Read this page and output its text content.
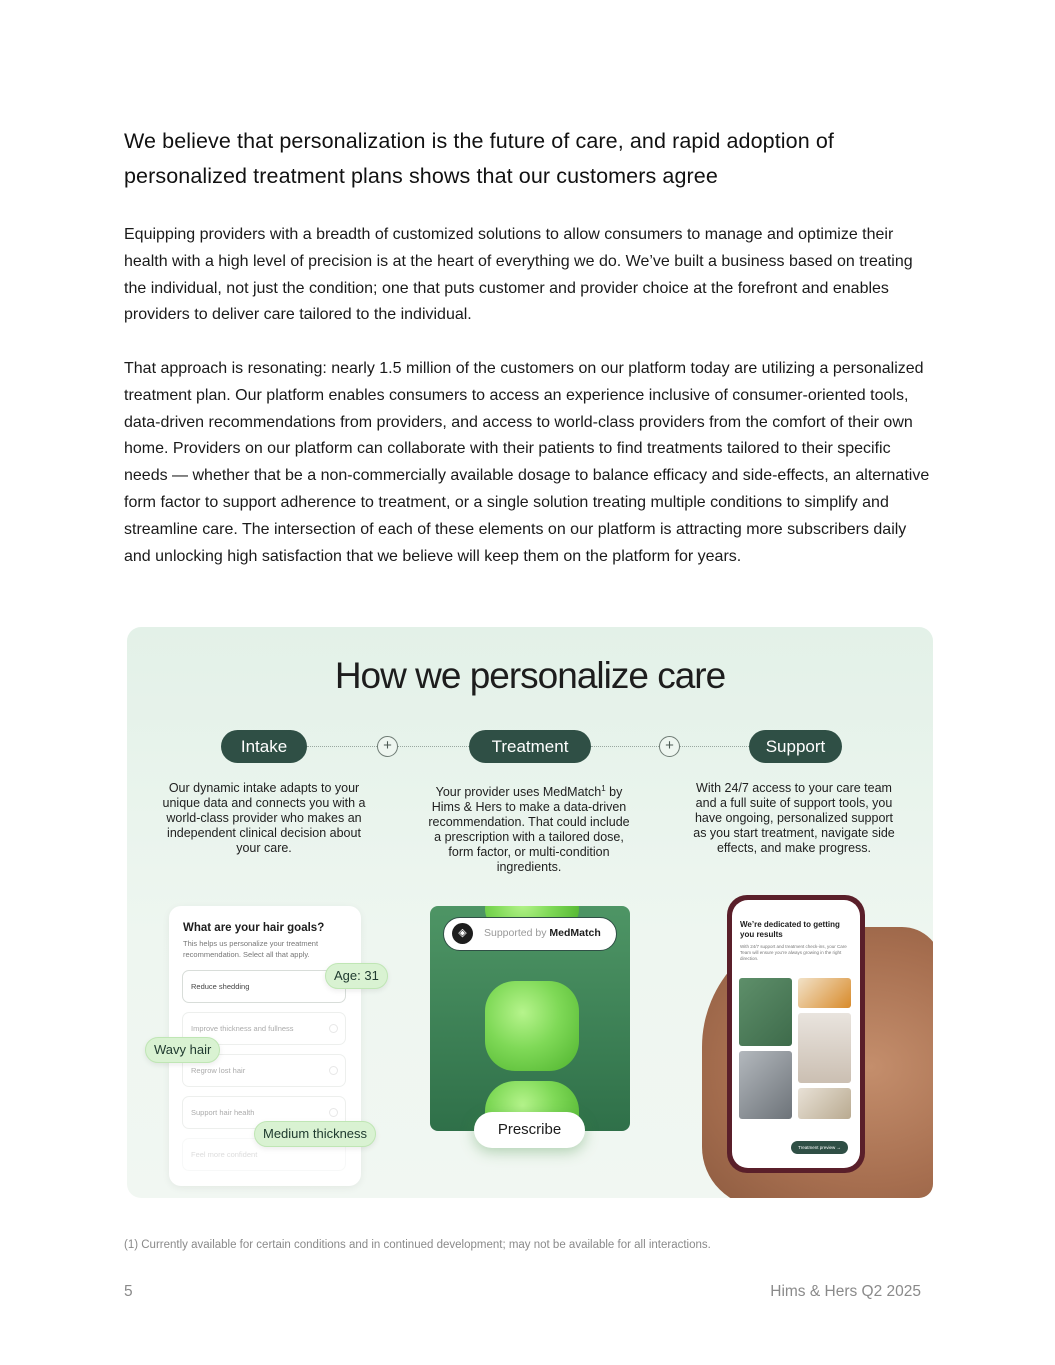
We believe that personalization is the future of care, and rapid adoption of personalized treatment plans shows that our customers agree

Equipping providers with a breadth of customized solutions to allow consumers to manage and optimize their health with a high level of precision is at the heart of everything we do. We’ve built a business based on treating the individual, not just the condition; one that puts customer and provider choice at the forefront and enables providers to deliver care tailored to the individual.

That approach is resonating: nearly 1.5 million of the customers on our platform today are utilizing a personalized treatment plan. Our platform enables consumers to access an experience inclusive of consumer-oriented tools, data-driven recommendations from providers, and access to world-class providers from the comfort of their own home. Providers on our platform can collaborate with their patients to find treatments tailored to their specific needs — whether that be a non-commercially available dosage to balance efficacy and side-effects, an alternative form factor to support adherence to treatment, or a single solution treating multiple conditions to simplify and streamline care. The intersection of each of these elements on our platform is attracting more subscribers daily and unlocking high satisfaction that we believe will keep them on the platform for years.

How we personalize care
Intake	+	Treatment	+	Support
Our dynamic intake adapts to your unique data and connects you with a world-class provider who makes an independent clinical decision about your care.
Your provider uses MedMatch$^1$ by Hims & Hers to make a data-driven recommendation. That could include a prescription with a tailored dose, form factor, or multi-condition ingredients.
With 24/7 access to your care team and a full suite of support tools, you have ongoing, personalized support as you start treatment, navigate side effects, and make progress.
What are your hair goals?
This helps us personalize your treatment recommendation. Select all that apply.
Reduce shedding
Improve thickness and fullness
Regrow lost hair
Support hair health
Feel more confident
Age: 31
Wavy hair
Medium thickness
◈	Supported by MedMatch
Prescribe
We’re dedicated to getting you results
With 24/7 support and treatment check-ins, your Care Team will ensure you’re always growing in the right direction.
Treatment preview →
(1) Currently available for certain conditions and in continued development; may not be available for all interactions.
5	Hims & Hers Q2 2025
